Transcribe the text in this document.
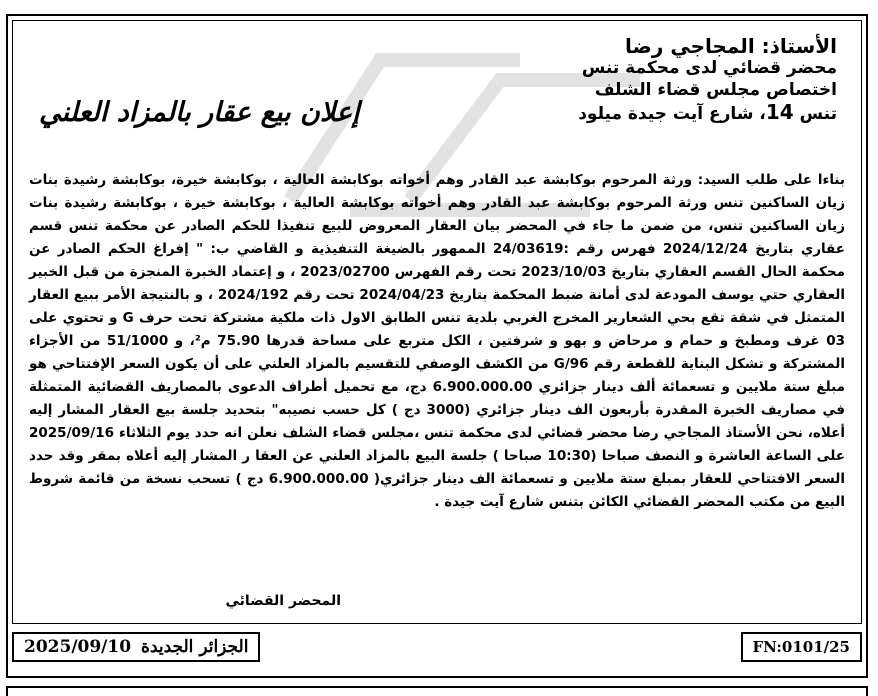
الأستاذ: المجاجي رضا
محضر قضائي لدى محكمة تنس
اختصاص مجلس قضاء الشلف
تنس 14، شارع آيت جيدة ميلود
إعلان بيع عقار بالمزاد العلني

بناءا على طلب السيد: ورثة المرحوم بوكابشة عبد القادر وهم أخواته بوكابشة العالية ، بوكابشة خيرة، بوكابشة رشيدة بنات زيان الساكنين تنس ورثة المرحوم بوكابشة عبد القادر وهم أخواته بوكابشة العالية ، بوكابشة خيرة ، بوكابشة رشيدة بنات زيان الساكنين تنس، من ضمن ما جاء في المحضر بيان العقار المعروض للبيع تنفيذا للحكم الصادر عن محكمة تنس قسم عقاري بتاريخ 2024/12/24 فهرس رقم :24/03619 الممهور بالضيغة التنفيذية و القاضي ب: " إفراغ الحكم الصادر عن محكمة الحال القسم العقاري بتاريخ 2023/10/03 تحت رقم الفهرس 2023/02700 ، و إعتماد الخبرة المنجزة من قبل الخبير العقاري حتي يوسف المودعة لدى أمانة ضبط المحكمة بتاريخ 2024/04/23 تحت رقم 2024/192 ، و بالنتيجة الأمر ببيع العقار المتمثل في شقة تقع بحي الشعارير المخرج الغربي بلدية تنس الطابق الاول ذات ملكية مشتركة تحت حرف G و تحتوي على 03 غرف ومطبخ و حمام و مرحاض و بهو و شرفتين ، الكل متربع على مساحة قدرها 75.90 م²، و 51/1000 من الأجزاء المشتركة و تشكل البناية للقطعة رقم G/96 من الكشف الوصفي للتقسيم بالمزاد العلني على أن يكون السعر الإفتتاحي هو مبلغ ستة ملايين و تسعمائة ألف دينار جزائري 6.900.000.00 دج، مع تحميل أطراف الدعوى بالمصاريف القضائية المتمثلة في مصاريف الخبرة المقدرة بأربعون الف دينار جزائري (3000 دج ) كل حسب نصيبه" بتحديد جلسة بيع العقار المشار إليه أعلاه، نحن الأستاذ المجاجي رضا محضر قضائي لدى محكمة تنس ،مجلس قضاء الشلف نعلن انه حدد يوم الثلاثاء 2025/09/16 على الساعة العاشرة و النصف صباحا (10:30 صباحا ) جلسة البيع بالمزاد العلني عن العقا ر المشار إليه أعلاه بمقر وقد حدد السعر الافتتاحي للعقار بمبلغ ستة ملايين و تسعمائة الف دينار جزائري( 6.900.000.00 دج ) تسحب نسخة من قائمة شروط البيع من مكتب المحضر القضائي الكائن بتنس شارع آيت جيدة .

المحضر القضائي
الجزائر الجديدة
2025/09/10	FN:0101/25
